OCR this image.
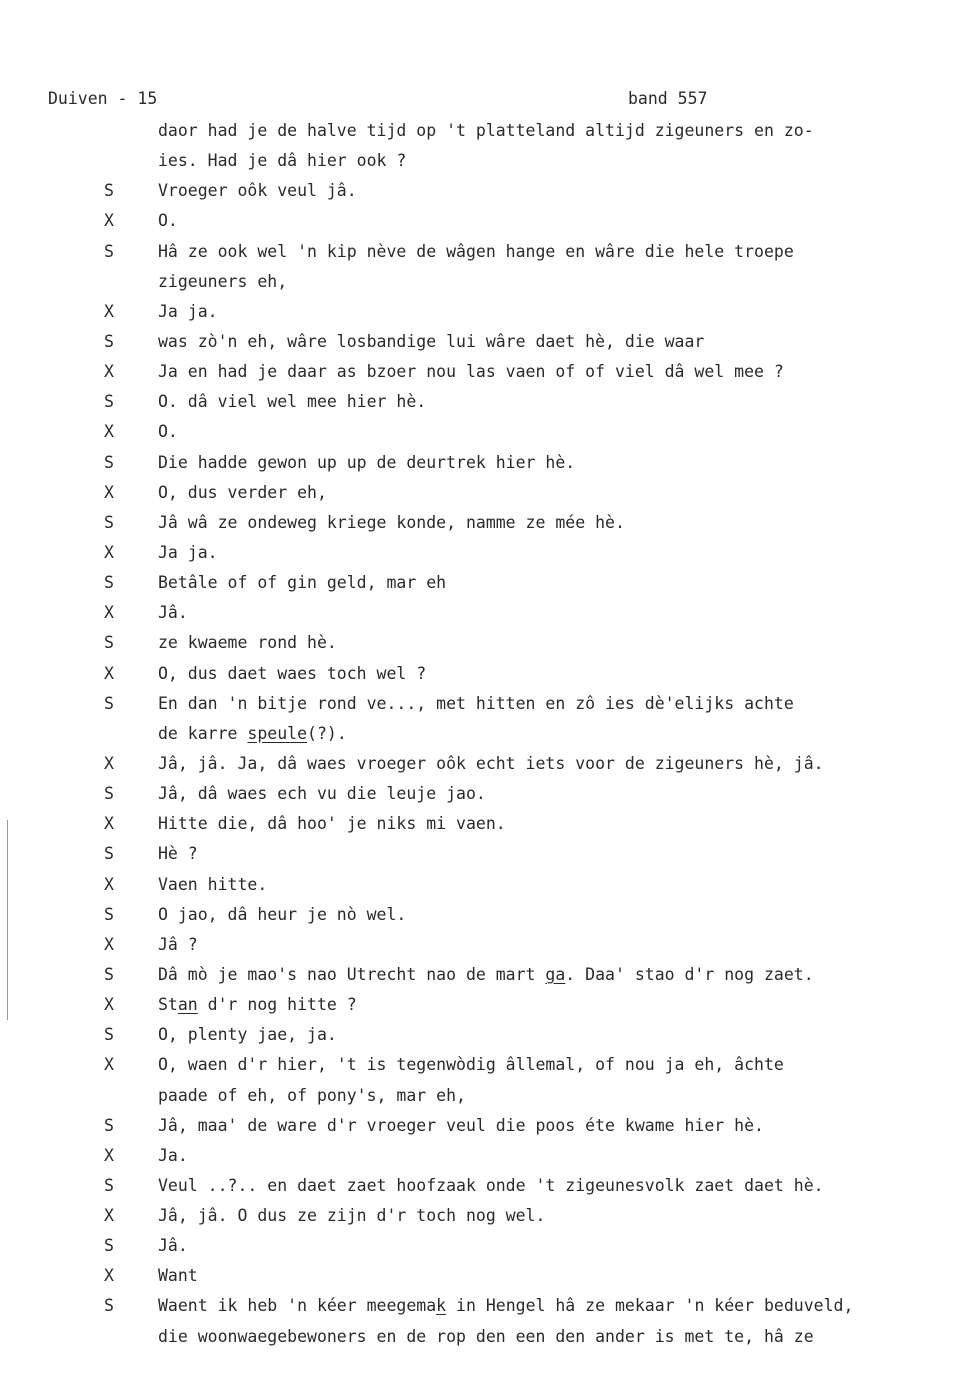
Duiven - 15

	band 557

daor had je de halve tijd op 't platteland altijd zigeuners en zo-
ies. Had je dâ hier ook ?
S	Vroeger oôk veul jâ.
X	O.
S	Hâ ze ook wel 'n kip nève de wâgen hange en wâre die hele troepe
zigeuners eh,
X	Ja ja.
S	was zò'n eh, wâre losbandige lui wâre daet hè, die waar
X	Ja en had je daar as bzoer nou las vaen of of viel dâ wel mee ?
S	O. dâ viel wel mee hier hè.
X	O.
S	Die hadde gewon up up de deurtrek hier hè.
X	O, dus verder eh,
S	Jâ wâ ze ondeweg kriege konde, namme ze mée hè.
X	Ja ja.
S	Betâle of of gin geld, mar eh
X	Jâ.
S	ze kwaeme rond hè.
X	O, dus daet waes toch wel ?
S	En dan 'n bitje rond ve..., met hitten en zô ies dè'elijks achte
de karre speule(?).
X	Jâ, jâ. Ja, dâ waes vroeger oôk echt iets voor de zigeuners hè, jâ.
S	Jâ, dâ waes ech vu die leuje jao.
X	Hitte die, dâ hoo' je niks mi vaen.
S	Hè ?
X	Vaen hitte.
S	O jao, dâ heur je nò wel.
X	Jâ ?
S	Dâ mò je mao's nao Utrecht nao de mart ga. Daa' stao d'r nog zaet.
X	Stan d'r nog hitte ?
S	O, plenty jae, ja.
X	O, waen d'r hier, 't is tegenwòdig âllemal, of nou ja eh, âchte
paade of eh, of pony's, mar eh,
S	Jâ, maa' de ware d'r vroeger veul die poos éte kwame hier hè.
X	Ja.
S	Veul ..?.. en daet zaet hoofzaak onde 't zigeunesvolk zaet daet hè.
X	Jâ, jâ. O dus ze zijn d'r toch nog wel.
S	Jâ.
X	Want
S	Waent ik heb 'n kéer meegemak in Hengel hâ ze mekaar 'n kéer beduveld,
die woonwaegebewoners en de rop den een den ander is met te, hâ ze
